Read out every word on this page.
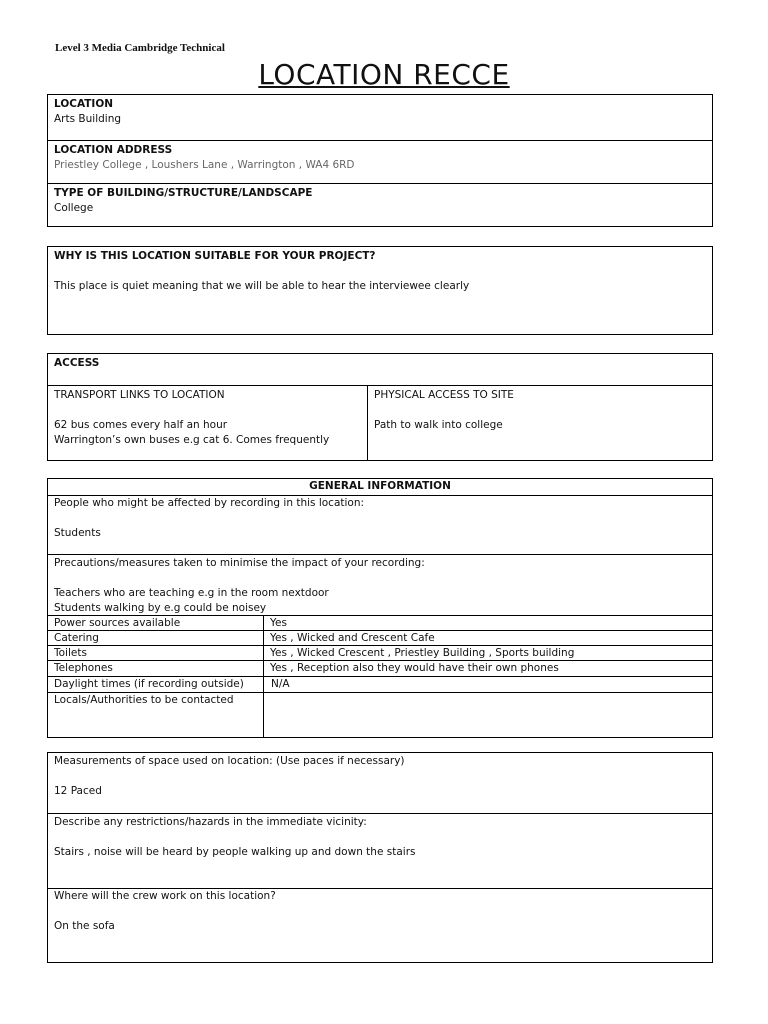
Level 3 Media Cambridge Technical
LOCATION RECCE
LOCATION
Arts Building
LOCATION ADDRESS
Priestley College , Loushers Lane , Warrington , WA4 6RD
TYPE OF BUILDING/STRUCTURE/LANDSCAPE
College
WHY IS THIS LOCATION SUITABLE FOR YOUR PROJECT?
This place is quiet meaning that we will be able to hear the interviewee clearly
ACCESS
TRANSPORT LINKS TO LOCATION
62 bus comes every half an hour
Warrington’s own buses e.g cat 6. Comes frequently
PHYSICAL ACCESS TO SITE
Path to walk into college
GENERAL INFORMATION
People who might be affected by recording in this location:
Students
Precautions/measures taken to minimise the impact of your recording:
Teachers who are teaching e.g in the room nextdoor
Students walking by e.g could be noisey
Power sources available	Yes
Catering	Yes , Wicked and Crescent Cafe
Toilets	Yes , Wicked Crescent , Priestley Building , Sports building
Telephones	Yes , Reception also they would have their own phones
Daylight times (if recording outside)	N/A
Locals/Authorities to be contacted
Measurements of space used on location: (Use paces if necessary)
12 Paced
Describe any restrictions/hazards in the immediate vicinity:
Stairs , noise will be heard by people walking up and down the stairs
Where will the crew work on this location?
On the sofa
